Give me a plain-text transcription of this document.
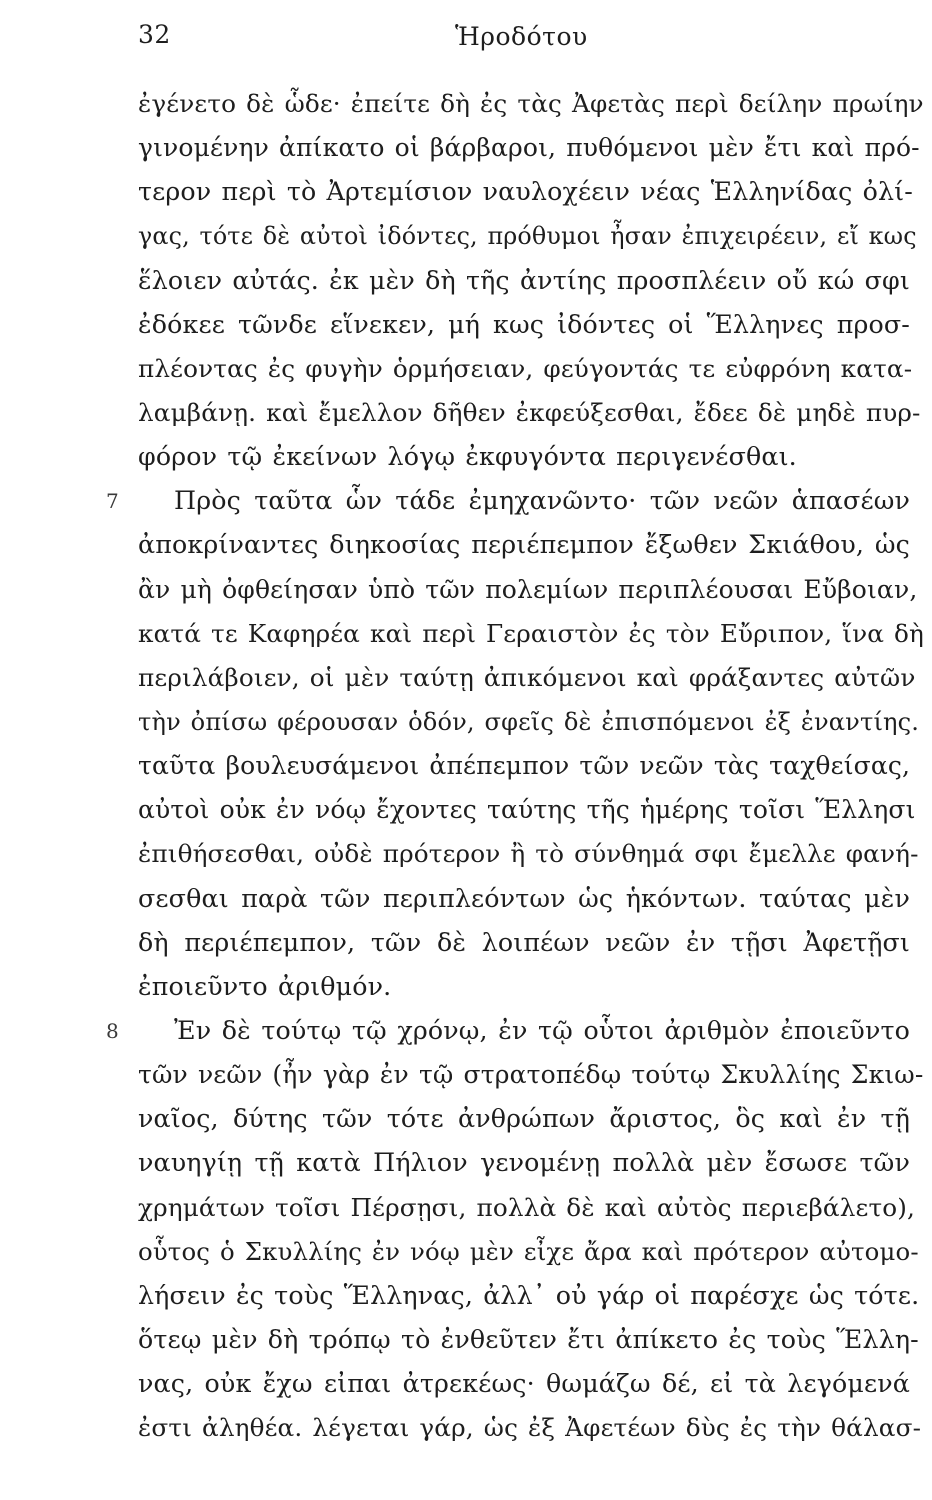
32	Ἡροδότου
ἐγένετο δὲ ὧδε· ἐπείτε δὴ ἐς τὰς Ἀφετὰς περὶ δείλην πρωίην
γινομένην ἀπίκατο οἱ βάρβαροι, πυθόμενοι μὲν ἔτι καὶ πρό-
τερον περὶ τὸ Ἀρτεμίσιον ναυλοχέειν νέας Ἑλληνίδας ὀλί-
γας, τότε δὲ αὐτοὶ ἰδόντες, πρόθυμοι ἦσαν ἐπιχειρέειν, εἴ κως
ἕλοιεν αὐτάς. ἐκ μὲν δὴ τῆς ἀντίης προσπλέειν οὔ κώ σφι
ἐδόκεε τῶνδε εἵνεκεν, μή κως ἰδόντες οἱ Ἕλληνες προσ-
πλέοντας ἐς φυγὴν ὁρμήσειαν, φεύγοντάς τε εὐφρόνη κατα-
λαμβάνῃ. καὶ ἔμελλον δῆθεν ἐκφεύξεσθαι, ἔδεε δὲ μηδὲ πυρ-
φόρον τῷ ἐκείνων λόγῳ ἐκφυγόντα περιγενέσθαι.
7 Πρὸς ταῦτα ὧν τάδε ἐμηχανῶντο· τῶν νεῶν ἁπασέων
ἀποκρίναντες διηκοσίας περιέπεμπον ἔξωθεν Σκιάθου, ὡς
ἂν μὴ ὀφθείησαν ὑπὸ τῶν πολεμίων περιπλέουσαι Εὔβοιαν,
κατά τε Καφηρέα καὶ περὶ Γεραιστὸν ἐς τὸν Εὔριπον, ἵνα δὴ
περιλάβοιεν, οἱ μὲν ταύτῃ ἀπικόμενοι καὶ φράξαντες αὐτῶν
τὴν ὀπίσω φέρουσαν ὁδόν, σφεῖς δὲ ἐπισπόμενοι ἐξ ἐναντίης.
ταῦτα βουλευσάμενοι ἀπέπεμπον τῶν νεῶν τὰς ταχθείσας,
αὐτοὶ οὐκ ἐν νόῳ ἔχοντες ταύτης τῆς ἡμέρης τοῖσι Ἕλλησι
ἐπιθήσεσθαι, οὐδὲ πρότερον ἢ τὸ σύνθημά σφι ἔμελλε φανή-
σεσθαι παρὰ τῶν περιπλεόντων ὡς ἡκόντων. ταύτας μὲν
δὴ περιέπεμπον, τῶν δὲ λοιπέων νεῶν ἐν τῇσι Ἀφετῇσι
ἐποιεῦντο ἀριθμόν.
8 Ἐν δὲ τούτῳ τῷ χρόνῳ, ἐν τῷ οὗτοι ἀριθμὸν ἐποιεῦντο
τῶν νεῶν (ἦν γὰρ ἐν τῷ στρατοπέδῳ τούτῳ Σκυλλίης Σκιω-
ναῖος, δύτης τῶν τότε ἀνθρώπων ἄριστος, ὃς καὶ ἐν τῇ
ναυηγίῃ τῇ κατὰ Πήλιον γενομένῃ πολλὰ μὲν ἔσωσε τῶν
χρημάτων τοῖσι Πέρσῃσι, πολλὰ δὲ καὶ αὐτὸς περιεβάλετο),
οὗτος ὁ Σκυλλίης ἐν νόῳ μὲν εἶχε ἄρα καὶ πρότερον αὐτομο-
λήσειν ἐς τοὺς Ἕλληνας, ἀλλ᾽ οὐ γάρ οἱ παρέσχε ὡς τότε.
ὅτεῳ μὲν δὴ τρόπῳ τὸ ἐνθεῦτεν ἔτι ἀπίκετο ἐς τοὺς Ἕλλη-
νας, οὐκ ἔχω εἰπαι ἀτρεκέως· θωμάζω δέ, εἰ τὰ λεγόμενά
ἐστι ἀληθέα. λέγεται γάρ, ὡς ἐξ Ἀφετέων δὺς ἐς τὴν θάλασ-
